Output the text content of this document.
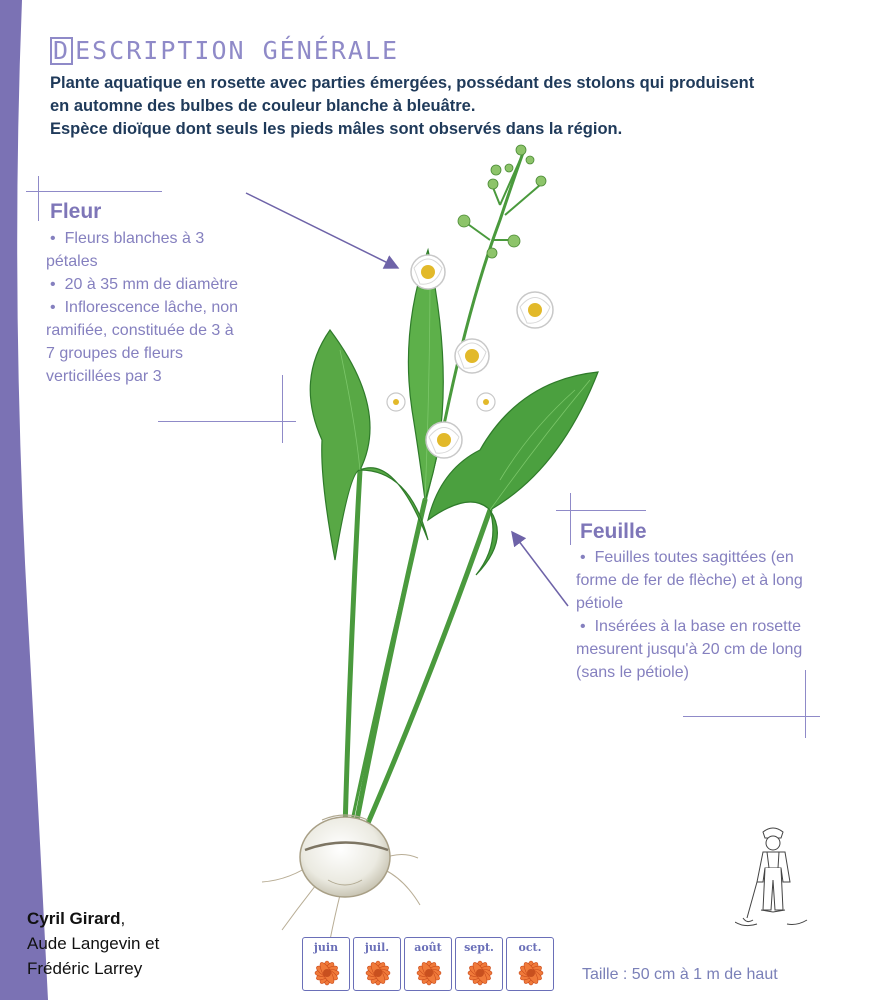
D ESCRIPTION GÉNÉRALE

Plante aquatique en rosette avec parties émergées, possédant des stolons qui produisent

en automne des bulbes de couleur blanche à bleuâtre.

Espèce dioïque dont seuls les pieds mâles sont observés dans la région.

Fleur
• Fleurs blanches à 3 pétales
• 20 à 35 mm de diamètre
• Inflorescence lâche, non ramifiée, constituée de 3 à 7 groupes de fleurs verticillées par 3
Feuille
• Feuilles toutes sagittées (en forme de fer de flèche) et à long pétiole
• Insérées à la base en rosette mesurent jusqu'à 20 cm de long (sans le pétiole)
Cyril Girard,
Aude Langevin et
Frédéric Larrey
juin	juil.	août	sept.	oct.
Taille : 50 cm à 1 m de haut
